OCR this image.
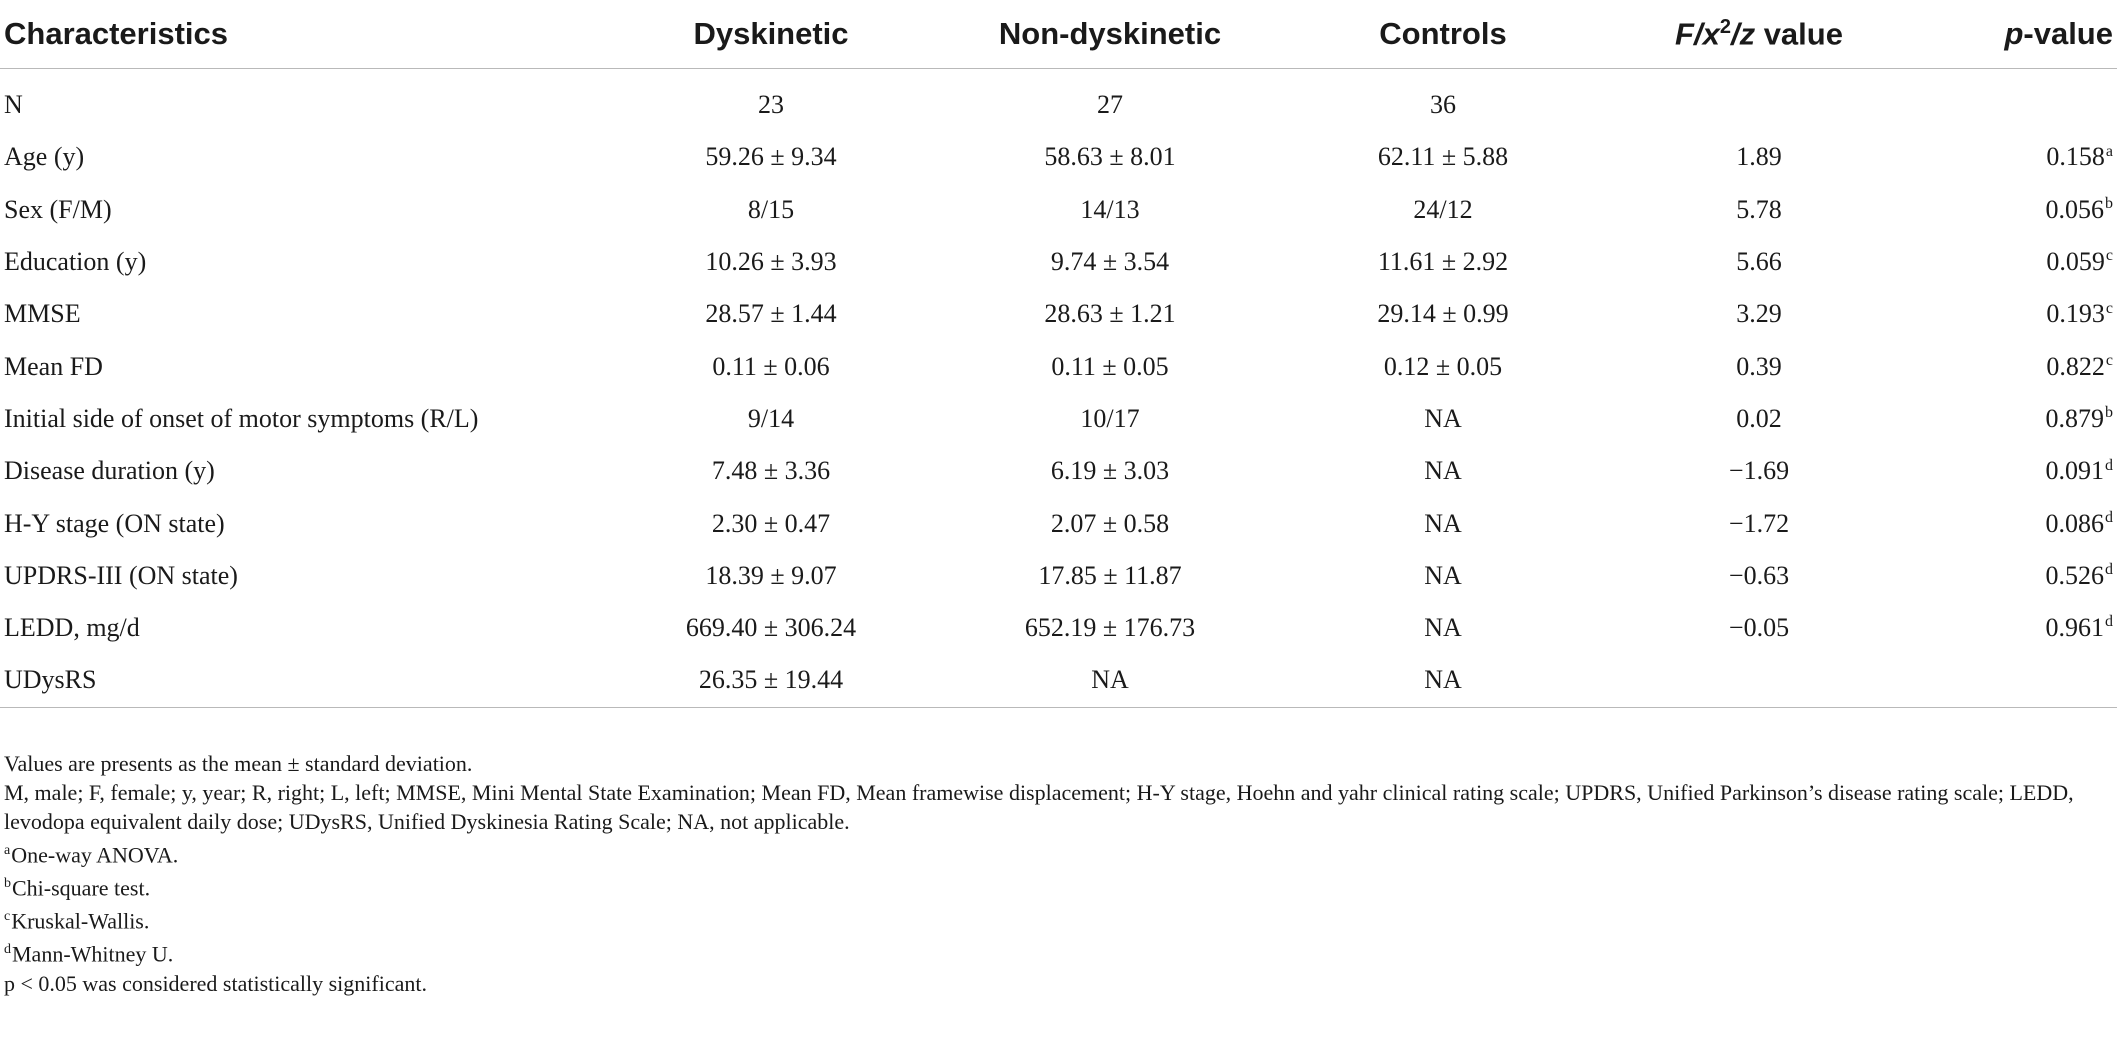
Characteristics	Dyskinetic	Non-dyskinetic	Controls	$F/x^2/z$ value	p-value
N	23	27	36		
Age (y)	59.26 ± 9.34	58.63 ± 8.01	62.11 ± 5.88	1.89	0.158$^a$
Sex (F/M)	8/15	14/13	24/12	5.78	0.056$^b$
Education (y)	10.26 ± 3.93	9.74 ± 3.54	11.61 ± 2.92	5.66	0.059$^c$
MMSE	28.57 ± 1.44	28.63 ± 1.21	29.14 ± 0.99	3.29	0.193$^c$
Mean FD	0.11 ± 0.06	0.11 ± 0.05	0.12 ± 0.05	0.39	0.822$^c$
Initial side of onset of motor symptoms (R/L)	9/14	10/17	NA	0.02	0.879$^b$
Disease duration (y)	7.48 ± 3.36	6.19 ± 3.03	NA	−1.69	0.091$^d$
H-Y stage (ON state)	2.30 ± 0.47	2.07 ± 0.58	NA	−1.72	0.086$^d$
UPDRS-III (ON state)	18.39 ± 9.07	17.85 ± 11.87	NA	−0.63	0.526$^d$
LEDD, mg/d	669.40 ± 306.24	652.19 ± 176.73	NA	−0.05	0.961$^d$
UDysRS	26.35 ± 19.44	NA	NA		

Values are presents as the mean ± standard deviation.

M, male; F, female; y, year; R, right; L, left; MMSE, Mini Mental State Examination; Mean FD, Mean framewise displacement; H-Y stage, Hoehn and yahr clinical rating scale; UPDRS, Unified Parkinson’s disease rating scale; LEDD, levodopa equivalent daily dose; UDysRS, Unified Dyskinesia Rating Scale; NA, not applicable.

$^a$One-way ANOVA.

$^b$Chi-square test.

$^c$Kruskal-Wallis.

$^d$Mann-Whitney U.

p < 0.05 was considered statistically significant.
